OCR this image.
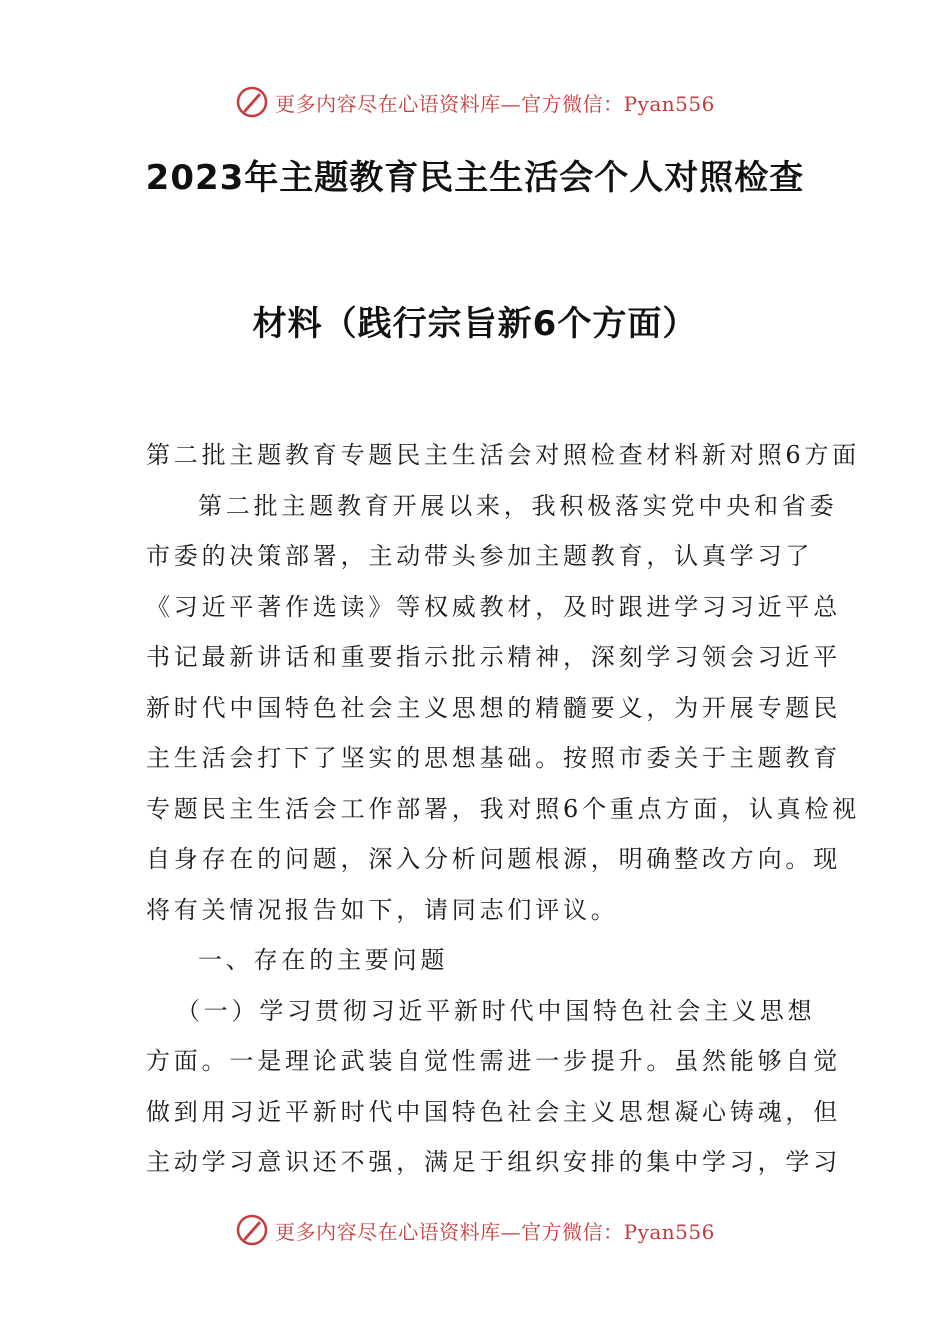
更多内容尽在心语资料库—官方微信：Pyan556
2023年主题教育民主生活会个人对照检查
材料（践行宗旨新6个方面）
第二批主题教育专题民主生活会对照检查材料新对照6方面
第二批主题教育开展以来，我积极落实党中央和省委
市委的决策部署，主动带头参加主题教育，认真学习了
《习近平著作选读》等权威教材，及时跟进学习习近平总
书记最新讲话和重要指示批示精神，深刻学习领会习近平
新时代中国特色社会主义思想的精髓要义，为开展专题民
主生活会打下了坚实的思想基础。按照市委关于主题教育
专题民主生活会工作部署，我对照6个重点方面，认真检视
自身存在的问题，深入分析问题根源，明确整改方向。现
将有关情况报告如下，请同志们评议。
一、存在的主要问题
（一）学习贯彻习近平新时代中国特色社会主义思想
方面。一是理论武装自觉性需进一步提升。虽然能够自觉
做到用习近平新时代中国特色社会主义思想凝心铸魂，但
主动学习意识还不强，满足于组织安排的集中学习，学习
更多内容尽在心语资料库—官方微信：Pyan556
